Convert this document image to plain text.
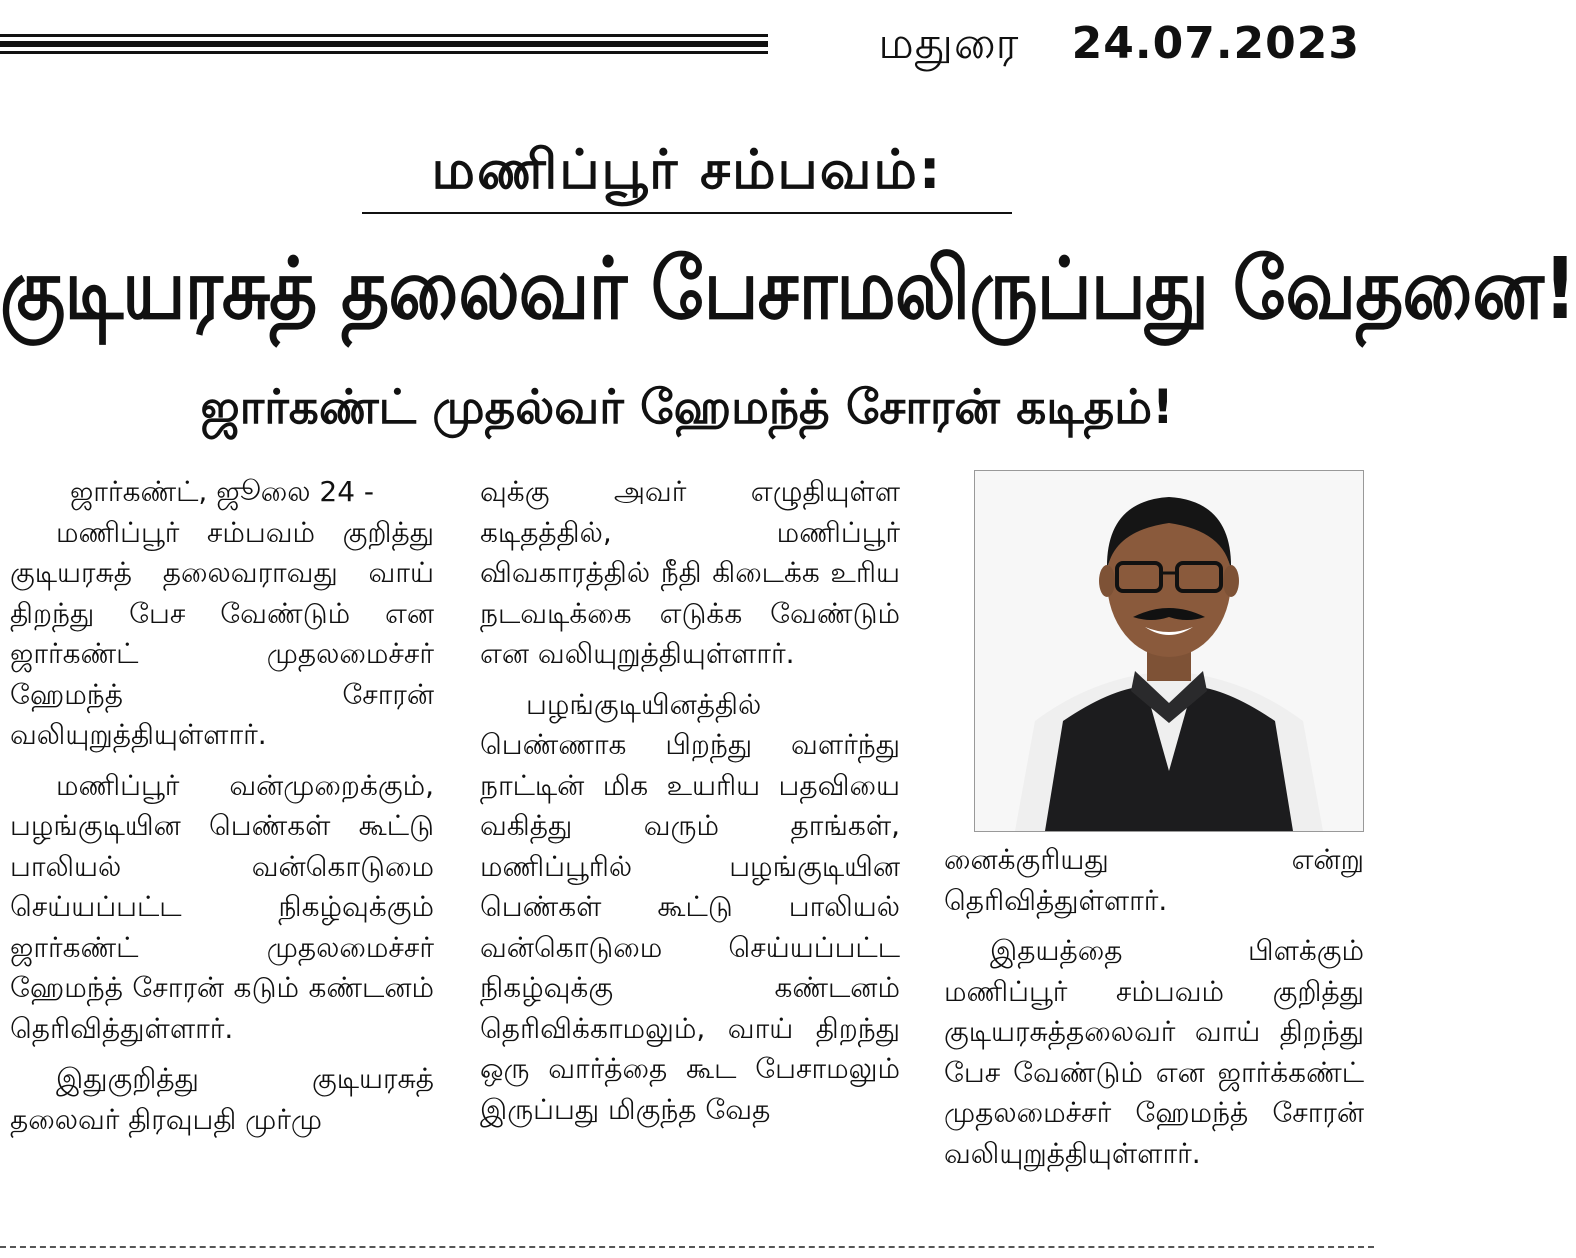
மதுரை 24.07.2023
மணிப்பூர் சம்பவம்:
குடியரசுத் தலைவர் பேசாமலிருப்பது வேதனை!
ஜார்கண்ட் முதல்வர் ஹேமந்த் சோரன் கடிதம்!

ஜார்கண்ட், ஜூலை 24 -

மணிப்பூர் சம்பவம் குறித்து குடியரசுத் தலைவராவது வாய் திறந்து பேச வேண்டும் என ஜார்கண்ட் முதலமைச்சர் ஹேமந்த் சோரன் வலியுறுத்தியுள்ளார்.

மணிப்பூர் வன்முறைக்கும், பழங்குடியின பெண்கள் கூட்டு பாலியல் வன்கொடுமை செய்யப்பட்ட நிகழ்வுக்கும் ஜார்கண்ட் முதலமைச்சர் ஹேமந்த் சோரன் கடும் கண்டனம் தெரிவித்துள்ளார்.

இதுகுறித்து குடியரசுத் தலைவர் திரவுபதி முர்மு

வுக்கு அவர் எழுதியுள்ள கடிதத்தில், மணிப்பூர் விவகாரத்தில் நீதி கிடைக்க உரிய நடவடிக்கை எடுக்க வேண்டும் என வலியுறுத்தியுள்ளார்.

பழங்குடியினத்தில் பெண்ணாக பிறந்து வளர்ந்து நாட்டின் மிக உயரிய பதவியை வகித்து வரும் தாங்கள், மணிப்பூரில் பழங்குடியின பெண்கள் கூட்டு பாலியல் வன்கொடுமை செய்யப்பட்ட நிகழ்வுக்கு கண்டனம் தெரிவிக்காமலும், வாய் திறந்து ஒரு வார்த்தை கூட பேசாமலும் இருப்பது மிகுந்த வேத

னைக்குரியது என்று தெரிவித்துள்ளார்.

இதயத்தை பிளக்கும் மணிப்பூர் சம்பவம் குறித்து குடியரசுத்தலைவர் வாய் திறந்து பேச வேண்டும் என ஜார்க்கண்ட் முதலமைச்சர் ஹேமந்த் சோரன் வலியுறுத்தியுள்ளார்.
